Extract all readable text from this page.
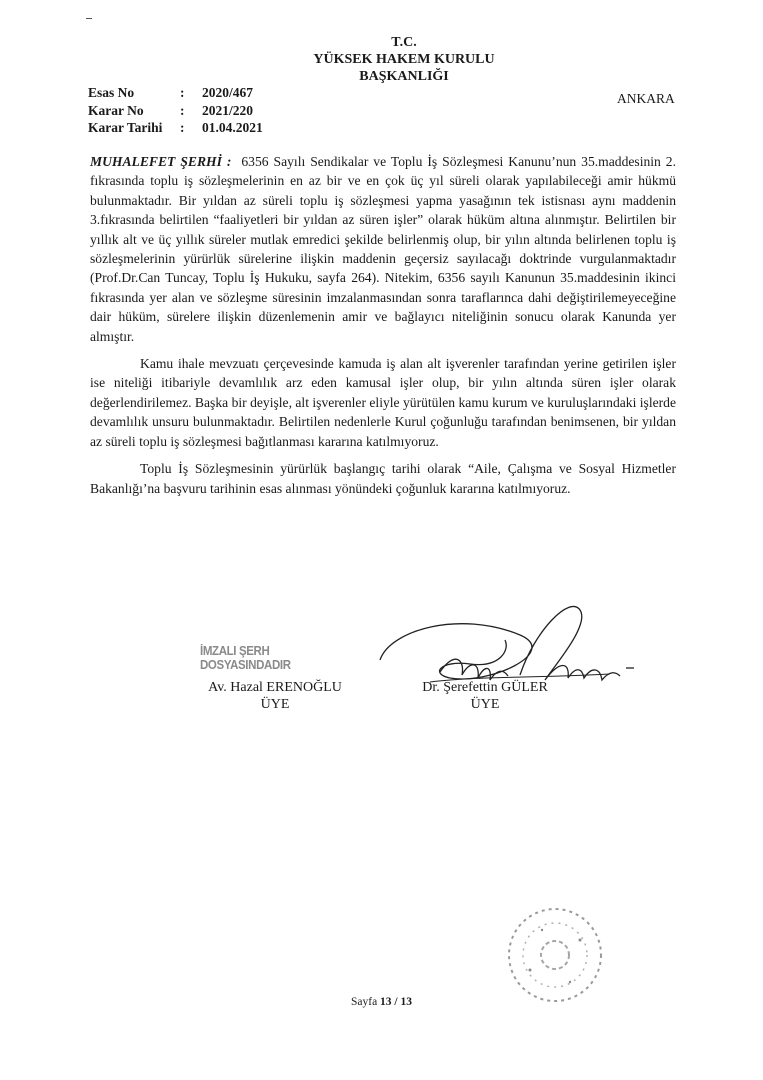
T.C.
YÜKSEK HAKEM KURULU
BAŞKANLIĞI
Esas No	:	2020/467
Karar No	:	2021/220
Karar Tarihi	:	01.04.2021
ANKARA

MUHALEFET ŞERHİ : 6356 Sayılı Sendikalar ve Toplu İş Sözleşmesi Kanunu’nun 35.maddesinin 2. fıkrasında toplu iş sözleşmelerinin en az bir ve en çok üç yıl süreli olarak yapılabileceği amir hükmü bulunmaktadır. Bir yıldan az süreli toplu iş sözleşmesi yapma yasağının tek istisnası aynı maddenin 3.fıkrasında belirtilen “faaliyetleri bir yıldan az süren işler” olarak hüküm altına alınmıştır. Belirtilen bir yıllık alt ve üç yıllık süreler mutlak emredici şekilde belirlenmiş olup, bir yılın altında belirlenen toplu iş sözleşmelerinin yürürlük sürelerine ilişkin maddenin geçersiz sayılacağı doktrinde vurgulanmaktadır (Prof.Dr.Can Tuncay, Toplu İş Hukuku, sayfa 264). Nitekim, 6356 sayılı Kanunun 35.maddesinin ikinci fıkrasında yer alan ve sözleşme süresinin imzalanmasından sonra taraflarınca dahi değiştirilemeyeceğine dair hüküm, sürelere ilişkin düzenlemenin amir ve bağlayıcı niteliğinin sonucu olarak Kanunda yer almıştır.

Kamu ihale mevzuatı çerçevesinde kamuda iş alan alt işverenler tarafından yerine getirilen işler ise niteliği itibariyle devamlılık arz eden kamusal işler olup, bir yılın altında süren işler olarak değerlendirilemez. Başka bir deyişle, alt işverenler eliyle yürütülen kamu kurum ve kuruluşlarındaki işlerde devamlılık unsuru bulunmaktadır. Belirtilen nedenlerle Kurul çoğunluğu tarafından benimsenen, bir yıldan az süreli toplu iş sözleşmesi bağıtlanması kararına katılmıyoruz.

Toplu İş Sözleşmesinin yürürlük başlangıç tarihi olarak “Aile, Çalışma ve Sosyal Hizmetler Bakanlığı’na başvuru tarihinin esas alınması yönündeki çoğunluk kararına katılmıyoruz.

İMZALI ŞERH DOSYASINDADIR
Av. Hazal ERENOĞLU
ÜYE
Dr. Şerefettin GÜLER
ÜYE
Sayfa 13 / 13
